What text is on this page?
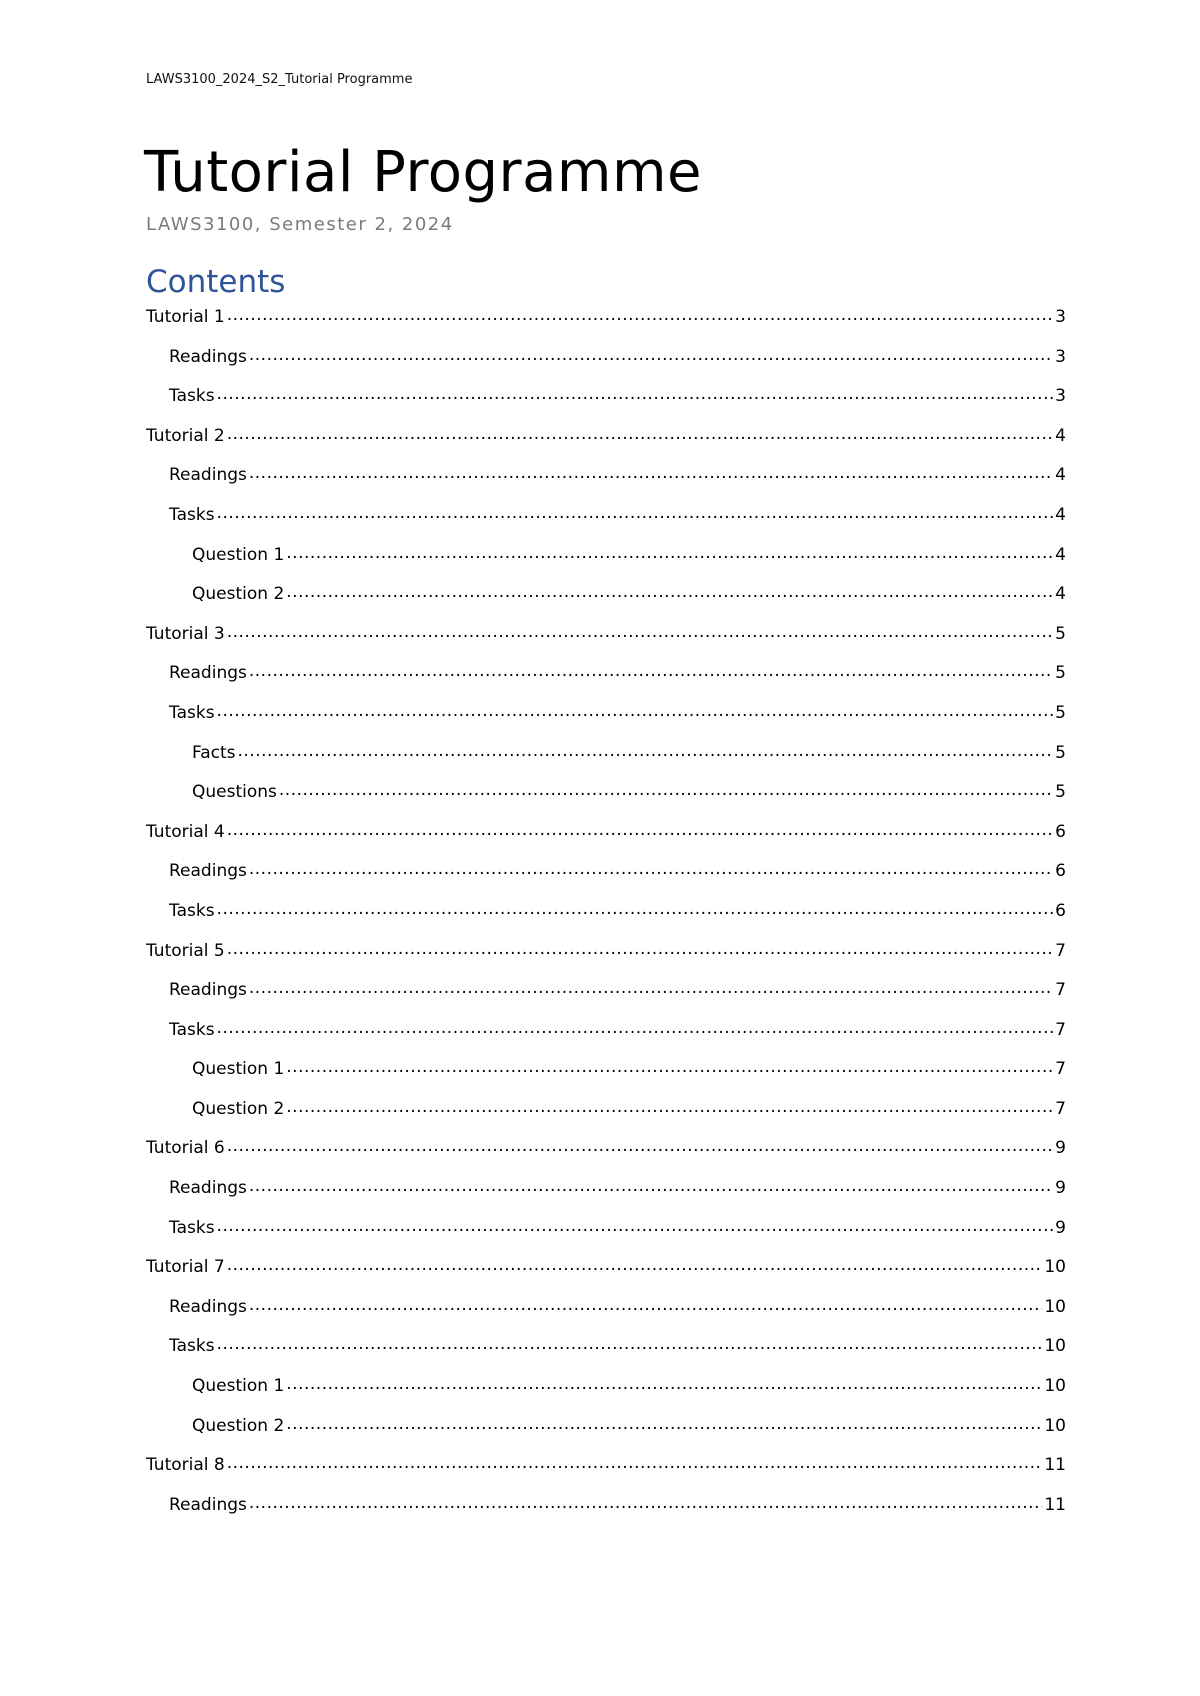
LAWS3100_2024_S2_Tutorial Programme
Tutorial Programme
LAWS3100, Semester 2, 2024
Contents
Tutorial 1 .....	3
Readings .....	3
Tasks .....	3
Tutorial 2 .....	4
Readings .....	4
Tasks .....	4
Question 1 .....	4
Question 2 .....	4
Tutorial 3 .....	5
Readings .....	5
Tasks .....	5
Facts .....	5
Questions .....	5
Tutorial 4 .....	6
Readings .....	6
Tasks .....	6
Tutorial 5 .....	7
Readings .....	7
Tasks .....	7
Question 1 .....	7
Question 2 .....	7
Tutorial 6 .....	9
Readings .....	9
Tasks .....	9
Tutorial 7 .....	10
Readings .....	10
Tasks .....	10
Question 1 .....	10
Question 2 .....	10
Tutorial 8 .....	11
Readings .....	11
